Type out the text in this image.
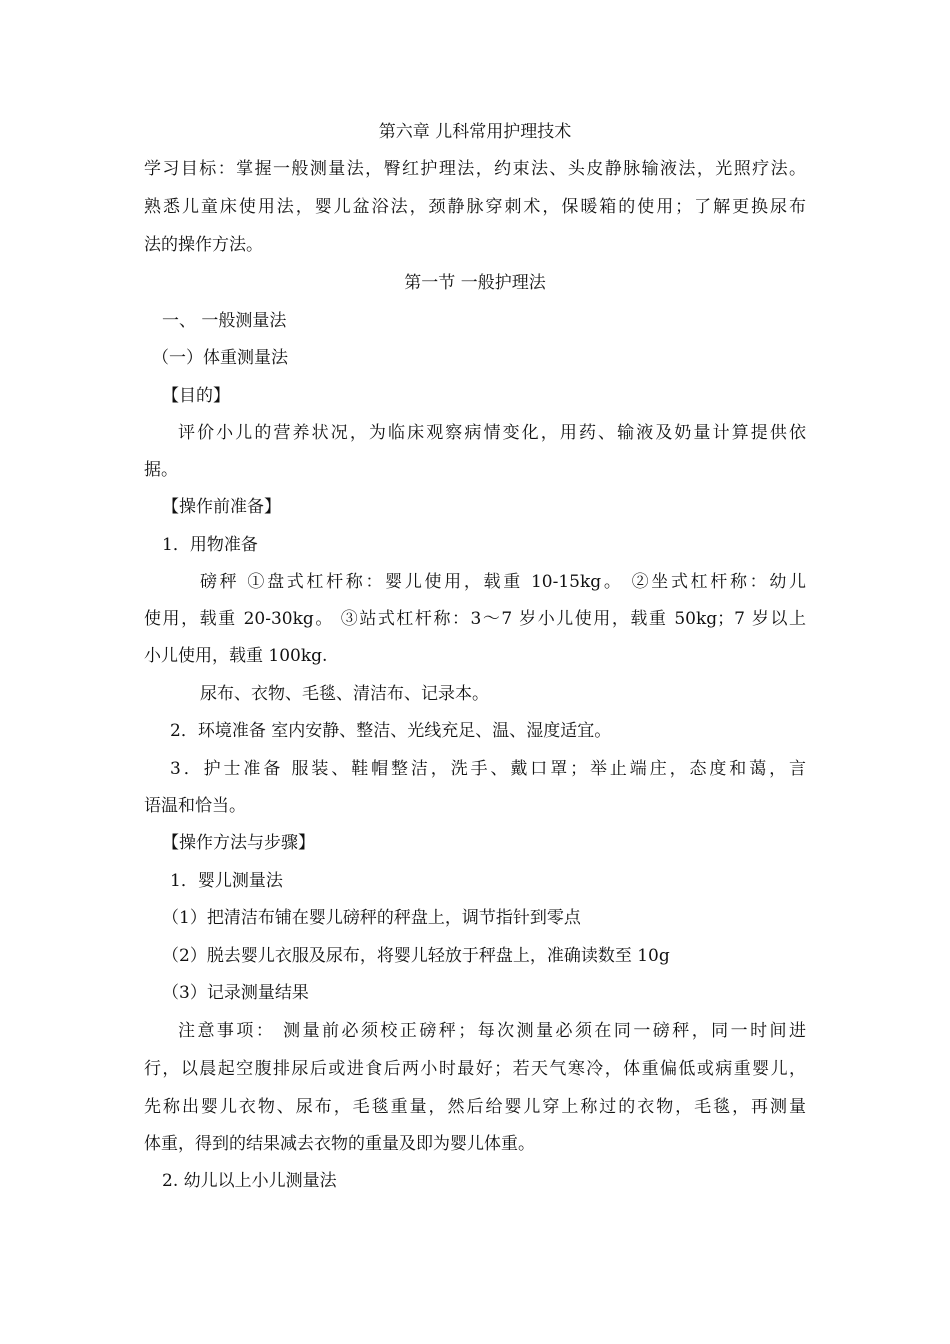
第六章 儿科常用护理技术
学习目标：掌握一般测量法，臀红护理法，约束法、头皮静脉输液法，光照疗法。
熟悉儿童床使用法，婴儿盆浴法，颈静脉穿刺术，保暖箱的使用；了解更换尿布
法的操作方法。
第一节 一般护理法
一、 一般测量法
（一）体重测量法
【目的】
评价小儿的营养状况，为临床观察病情变化，用药、输液及奶量计算提供依
据。
【操作前准备】
1．用物准备
磅秤 ①盘式杠杆称：婴儿使用，载重 10-15kg。 ②坐式杠杆称：幼儿
使用，载重 20-30kg。 ③站式杠杆称：3～7 岁小儿使用，载重 50kg；7 岁以上
小儿使用，载重 100kg.
尿布、衣物、毛毯、清洁布、记录本。
2．环境准备 室内安静、整洁、光线充足、温、湿度适宜。
3．护士准备 服装、鞋帽整洁，洗手、戴口罩；举止端庄，态度和蔼，言
语温和恰当。
【操作方法与步骤】
1．婴儿测量法
（1）把清洁布铺在婴儿磅秤的秤盘上，调节指针到零点
（2）脱去婴儿衣服及尿布，将婴儿轻放于秤盘上，准确读数至 10g
（3）记录测量结果
注意事项： 测量前必须校正磅秤；每次测量必须在同一磅秤，同一时间进
行，以晨起空腹排尿后或进食后两小时最好；若天气寒冷，体重偏低或病重婴儿，
先称出婴儿衣物、尿布，毛毯重量，然后给婴儿穿上称过的衣物，毛毯，再测量
体重，得到的结果减去衣物的重量及即为婴儿体重。
2. 幼儿以上小儿测量法
